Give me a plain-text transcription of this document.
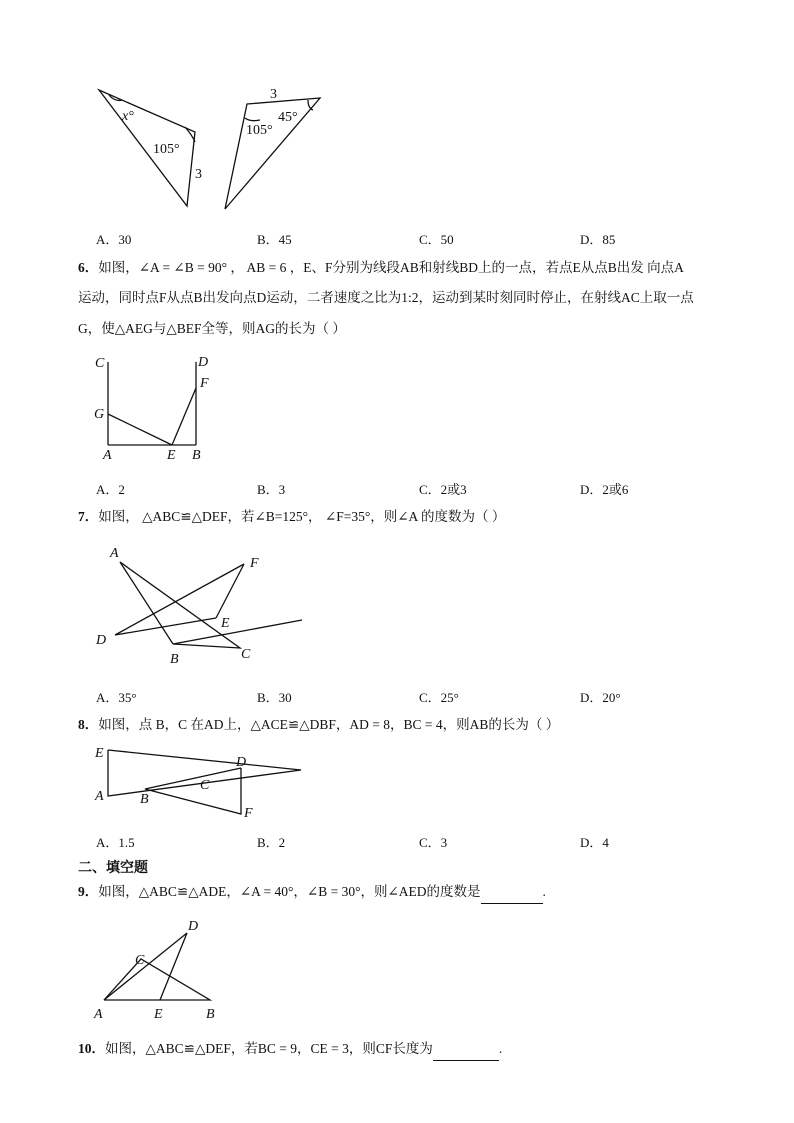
x°
105°
3
3
105°
45°
A．30	B．45	C．50	D．85
6．如图，∠A = ∠B = 90° ， AB = 6 ，E、F分别为线段AB和射线BD上的一点，若点E从点B出发 向点A
运动，同时点F从点B出发向点D运动，二者速度之比为1:2，运动到某时刻同时停止，在射线AC上取一点
G，使△AEG与△BEF全等，则AG的长为（ ）
C	D
F
G
A	E B
A．2	B．3	C．2或3	D．2或6
7．如图， △ABC≌△DEF，若∠B=125°， ∠F=35°，则∠A 的度数为（ ）
A
F
E
D
B	C
A．35°	B．30	C．25°	D．20°
8．如图，点 B，C 在AD上，△ACE≌△DBF，AD = 8，BC = 4，则AB的长为（ ）
E
D
C
A	B
F
A．1.5	B．2	C．3	D．4
二、填空题
9．如图，△ABC≌△ADE，∠A = 40°，∠B = 30°，则∠AED的度数是	.
D
C
A	E	B
10．如图，△ABC≌△DEF，若BC = 9，CE = 3，则CF长度为	.
